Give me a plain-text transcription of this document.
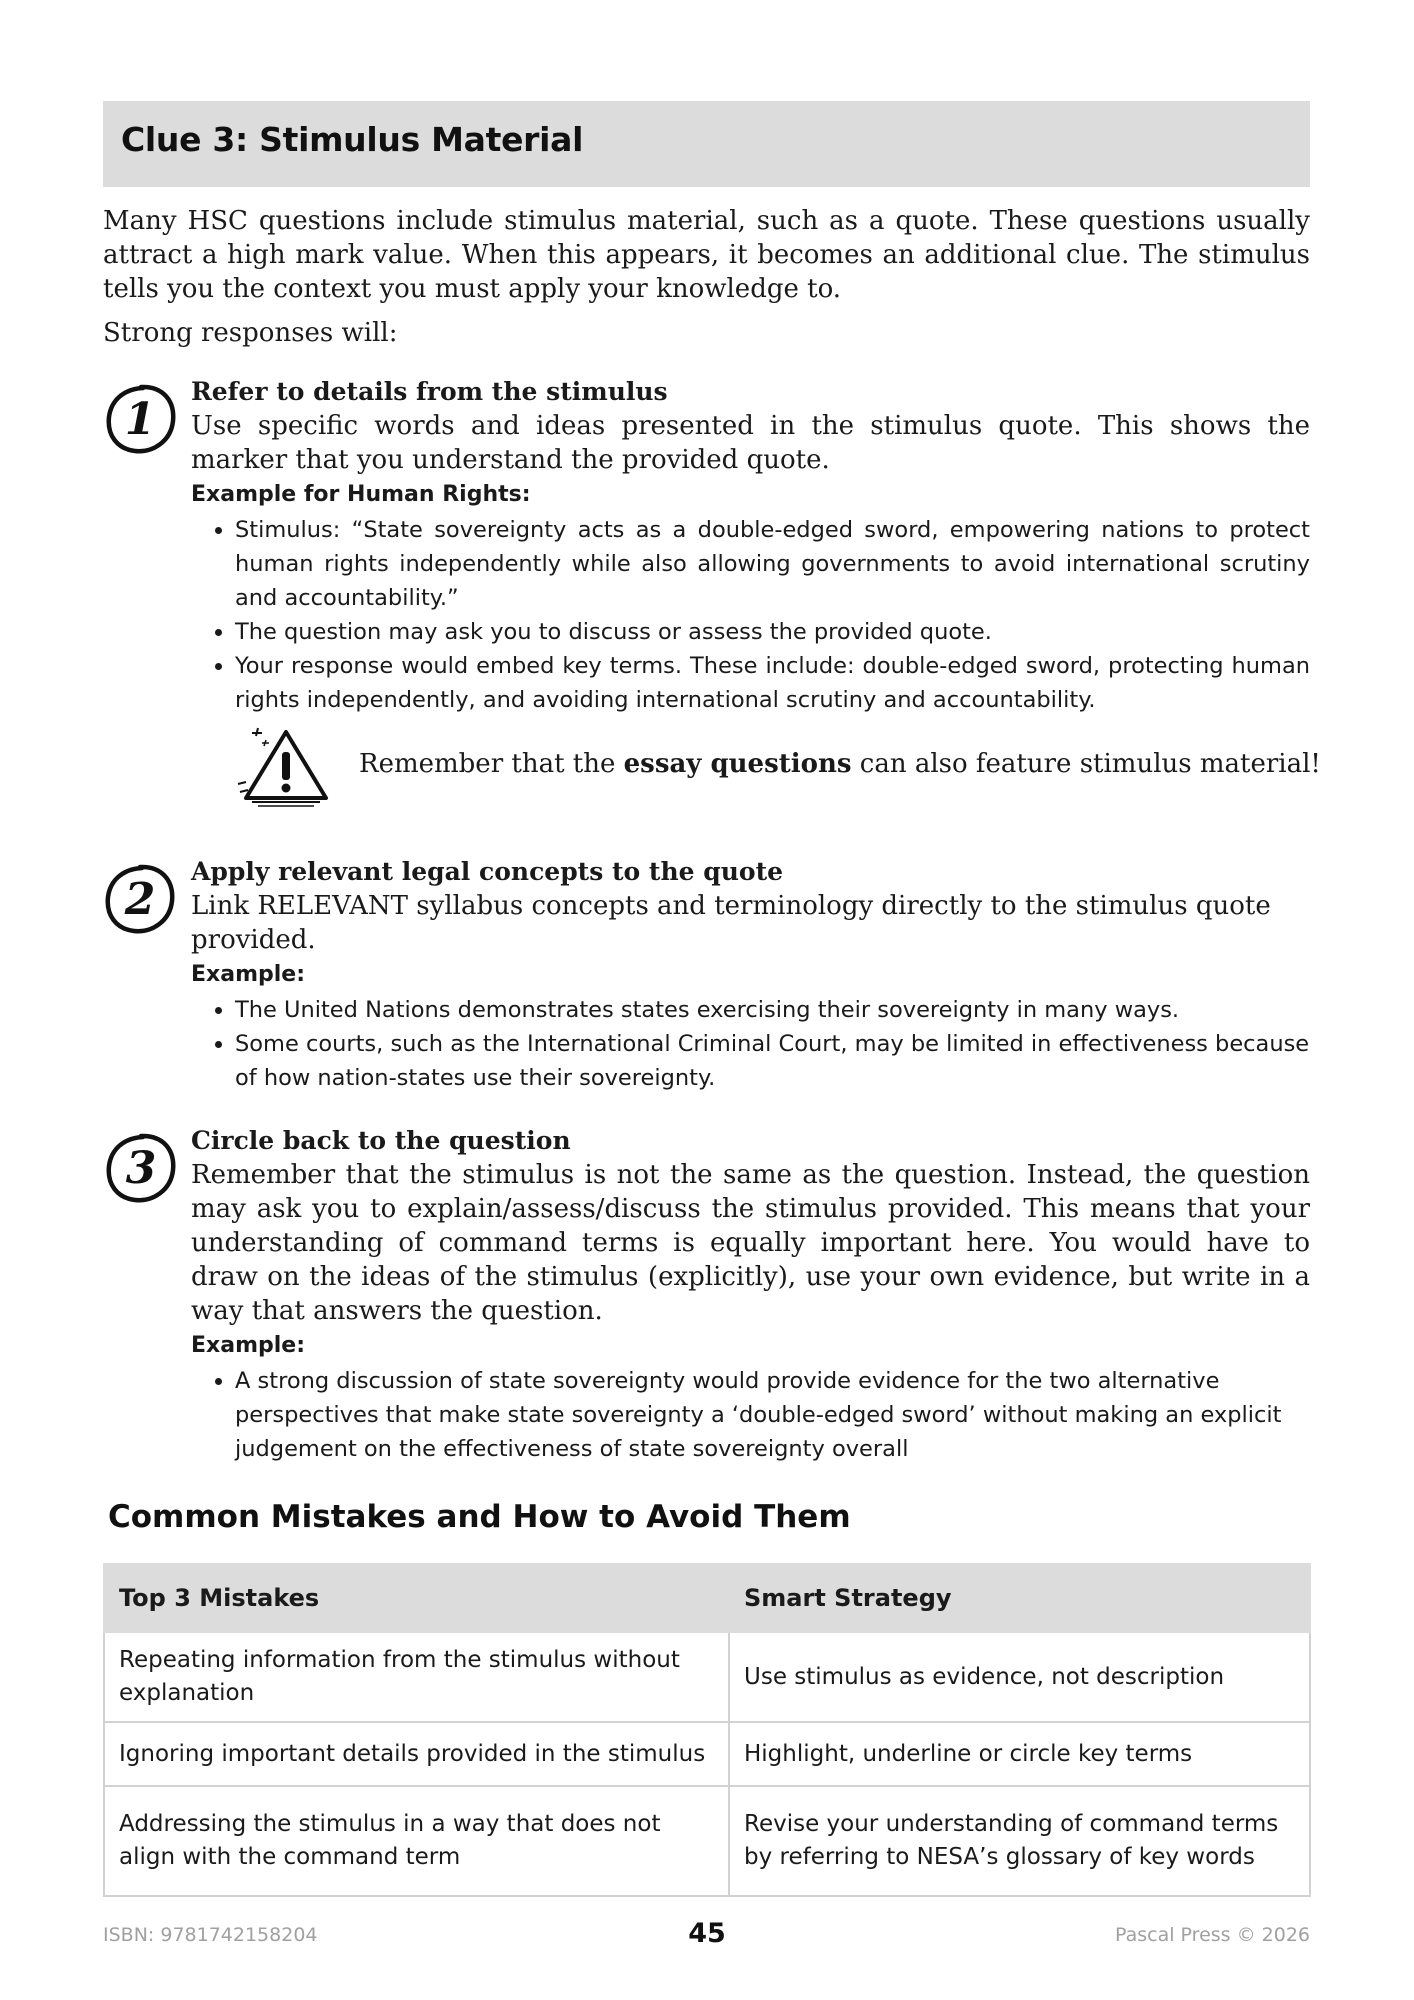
Clue 3: Stimulus Material

Many HSC questions include stimulus material, such as a quote. These questions usually attract a high mark value. When this appears, it becomes an additional clue. The stimulus tells you the context you must apply your knowledge to.

Strong responses will:

1

Refer to details from the stimulus

Use specific words and ideas presented in the stimulus quote. This shows the marker that you understand the provided quote.

Example for Human Rights:

• Stimulus: “State sovereignty acts as a double-edged sword, empowering nations to protect human rights independently while also allowing governments to avoid international scrutiny and accountability.”
• The question may ask you to discuss or assess the provided quote.
• Your response would embed key terms. These include: double-edged sword, protecting human rights independently, and avoiding international scrutiny and accountability.

Remember that the essay questions can also feature stimulus material!

2

Apply relevant legal concepts to the quote

Link RELEVANT syllabus concepts and terminology directly to the stimulus quote provided.

Example:

• The United Nations demonstrates states exercising their sovereignty in many ways.
• Some courts, such as the International Criminal Court, may be limited in effectiveness because of how nation-states use their sovereignty.
3

Circle back to the question

Remember that the stimulus is not the same as the question. Instead, the question may ask you to explain/assess/discuss the stimulus provided. This means that your understanding of command terms is equally important here. You would have to draw on the ideas of the stimulus (explicitly), use your own evidence, but write in a way that answers the question.

Example:

• A strong discussion of state sovereignty would provide evidence for the two alternative perspectives that make state sovereignty a ‘double-edged sword’ without making an explicit judgement on the effectiveness of state sovereignty overall
Common Mistakes and How to Avoid Them
Top 3 Mistakes	Smart Strategy
Repeating information from the stimulus without explanation	Use stimulus as evidence, not description
Ignoring important details provided in the stimulus	Highlight, underline or circle key terms
Addressing the stimulus in a way that does not align with the command term	Revise your understanding of command terms by referring to NESA’s glossary of key words

ISBN: 9781742158204	45	Pascal Press © 2026
